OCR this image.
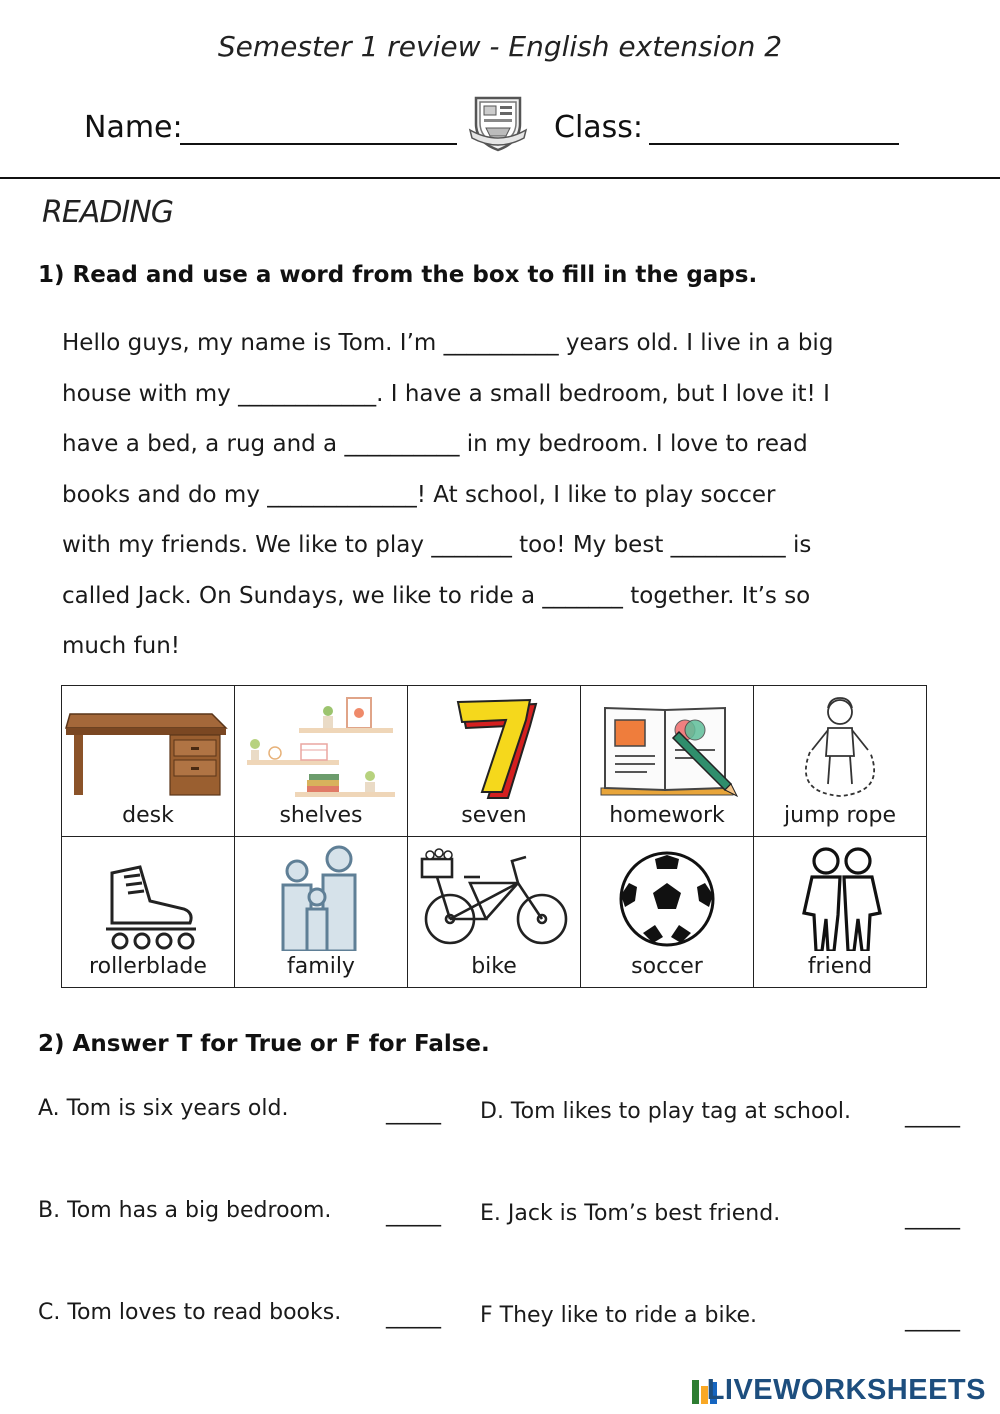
Semester 1 review - English extension 2
Name:	Class:
READING
1) Read and use a word from the box to fill in the gaps.

Hello guys, my name is Tom. I’m __________ years old. I live in a big

house with my ____________. I have a small bedroom, but I love it! I

have a bed, a rug and a __________ in my bedroom. I love to read

books and do my _____________! At school, I like to play soccer

with my friends. We like to play _______ too! My best __________ is

called Jack. On Sundays, we like to ride a _______ together. It’s so

much fun!

desk	shelves	seven	homework	jump rope

rollerblade	family	bike	soccer	friend
2) Answer T for True or F for False.
A. Tom is six years old.	_____ D. Tom likes to play tag at school. _____
B. Tom has a big bedroom. _____ E. Jack is Tom’s best friend.	_____
C. Tom loves to read books. _____ F They like to ride a bike.	_____
LIVEWORKSHEETS
